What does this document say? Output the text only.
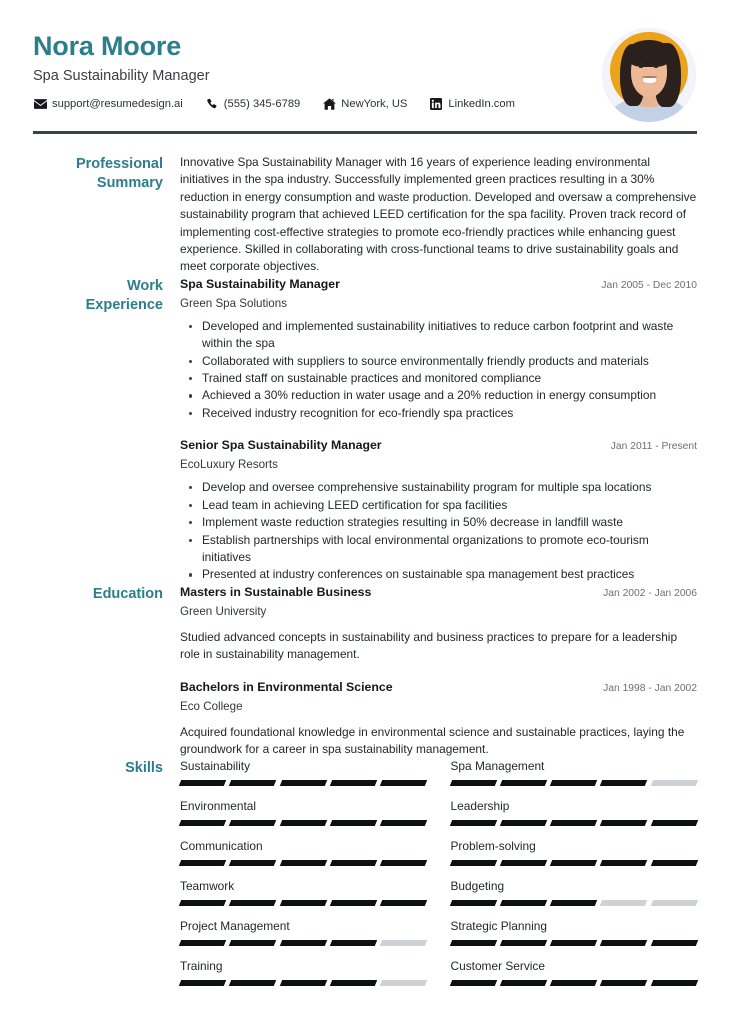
Nora Moore
Spa Sustainability Manager
support@resumedesign.ai	(555) 345-6789	NewYork, US	LinkedIn.com
Professional
Summary
Innovative Spa Sustainability Manager with 16 years of experience leading environmental initiatives in the spa industry. Successfully implemented green practices resulting in a 30% reduction in energy consumption and waste production. Developed and oversaw a comprehensive sustainability program that achieved LEED certification for the spa facility. Proven track record of implementing cost-effective strategies to promote eco-friendly practices while enhancing guest experience. Skilled in collaborating with cross-functional teams to drive sustainability goals and meet corporate objectives.
Work
Experience
Spa Sustainability Manager	Jan 2005 - Dec 2010
Green Spa Solutions
Developed and implemented sustainability initiatives to reduce carbon footprint and waste within the spa
Collaborated with suppliers to source environmentally friendly products and materials
Trained staff on sustainable practices and monitored compliance
Achieved a 30% reduction in water usage and a 20% reduction in energy consumption
Received industry recognition for eco-friendly spa practices
Senior Spa Sustainability Manager	Jan 2011 - Present
EcoLuxury Resorts
Develop and oversee comprehensive sustainability program for multiple spa locations
Lead team in achieving LEED certification for spa facilities
Implement waste reduction strategies resulting in 50% decrease in landfill waste
Establish partnerships with local environmental organizations to promote eco-tourism initiatives
Presented at industry conferences on sustainable spa management best practices
Education Masters in Sustainable Business	Jan 2002 - Jan 2006
Green University
Studied advanced concepts in sustainability and business practices to prepare for a leadership role in sustainability management.
Bachelors in Environmental Science	Jan 1998 - Jan 2002
Eco College
Acquired foundational knowledge in environmental science and sustainable practices, laying the groundwork for a career in spa sustainability management.
Skills Sustainability	Spa Management
Environmental	Leadership
Communication	Problem-solving
Teamwork	Budgeting
Project Management	Strategic Planning
Training	Customer Service
